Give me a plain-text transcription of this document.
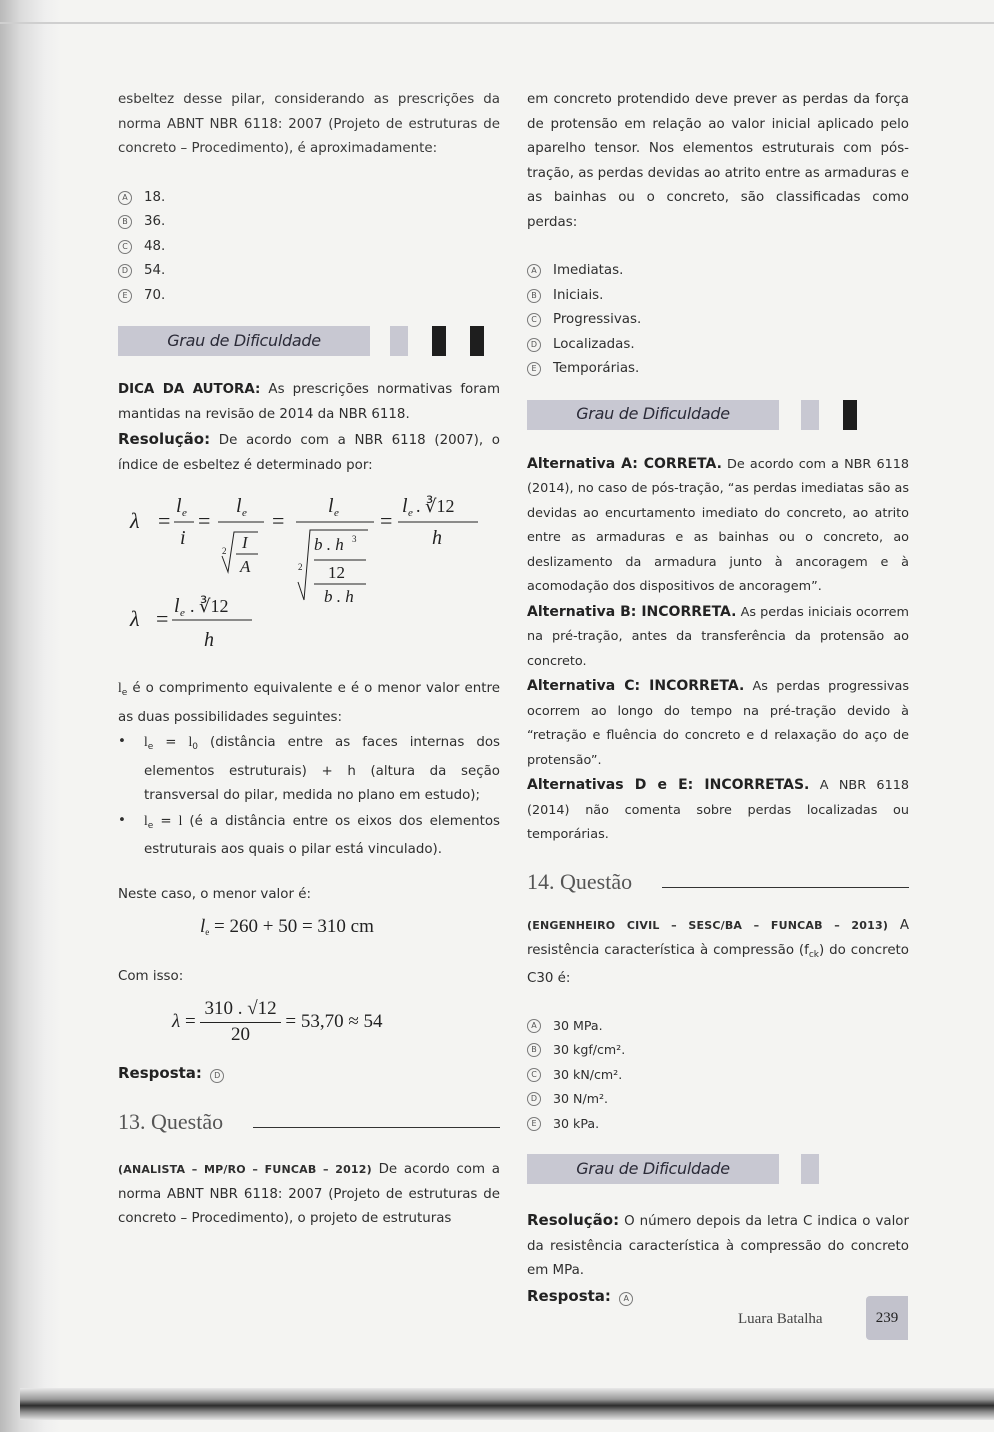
esbeltez desse pilar, considerando as prescrições da norma ABNT NBR 6118: 2007 (Projeto de estruturas de concreto – Procedimento), é aproximadamente:

A	18.
B	36.
C	48.
D 54.
E	70.
Grau de Dificuldade

DICA DA AUTORA: As prescrições normativas foram mantidas na revisão de 2014 da NBR 6118.

Resolução: De acordo com a NBR 6118 (2007), o índice de esbeltez é determinado por:

λ =
l e
i
=
l e
2 I
A
=
l e
2
b . h 3
12
b . h
=
l e . ∛12
h
λ = l e . ∛12
h

$l_e$ é o comprimento equivalente e é o menor valor entre as duas possibilidades seguintes:

•	$l_e = l_0$ (distância entre as faces internas dos elementos estruturais) + h (altura da seção transversal do pilar, medida no plano em estudo);

•	$l_e = l$ (é a distância entre os eixos dos elementos estruturais aos quais o pilar está vinculado).

Neste caso, o menor valor é:

$l_e = 260 + 50 = 310$ cm

Com isso:

$\lambda = \frac{310 . √12}{20}$
= 53,70 ≈ 54

Resposta: D

13. Questão

(ANALISTA – MP/RO – FUNCAB – 2012) De acordo com a norma ABNT NBR 6118: 2007 (Projeto de estruturas de concreto – Procedimento), o projeto de estruturas

em concreto protendido deve prever as perdas da força de protensão em relação ao valor inicial aplicado pelo aparelho tensor. Nos elementos estruturais com pós-tração, as perdas devidas ao atrito entre as armaduras e as bainhas ou o concreto, são classificadas como perdas:

A	Imediatas.
B	Iniciais.
C	Progressivas.
D Localizadas.
E	Temporárias.
Grau de Dificuldade

Alternativa A: CORRETA. De acordo com a NBR 6118 (2014), no caso de pós-tração, “as perdas imediatas são as devidas ao encurtamento imediato do concreto, ao atrito entre as armaduras e as bainhas ou o concreto, ao deslizamento da armadura junto à ancoragem e à acomodação dos dispositivos de ancoragem”.

Alternativa B: INCORRETA. As perdas iniciais ocorrem na pré-tração, antes da transferência da protensão ao concreto.

Alternativa C: INCORRETA. As perdas progressivas ocorrem ao longo do tempo na pré-tração devido à “retração e fluência do concreto e d relaxação do aço de protensão”.

Alternativas D e E: INCORRETAS. A NBR 6118 (2014) não comenta sobre perdas localizadas ou temporárias.

14. Questão

(ENGENHEIRO CIVIL – SESC/BA – FUNCAB – 2013) A resistência característica à compressão $(f_{ck})$ do concreto C30 é:

A	30 MPa.
B	30 kgf/cm².
C	30 kN/cm².
D	30 N/m².
E	30 kPa.
Grau de Dificuldade

Resolução: O número depois da letra C indica o valor da resistência característica à compressão do concreto em MPa.

Resposta: A

Luara Batalha	239
